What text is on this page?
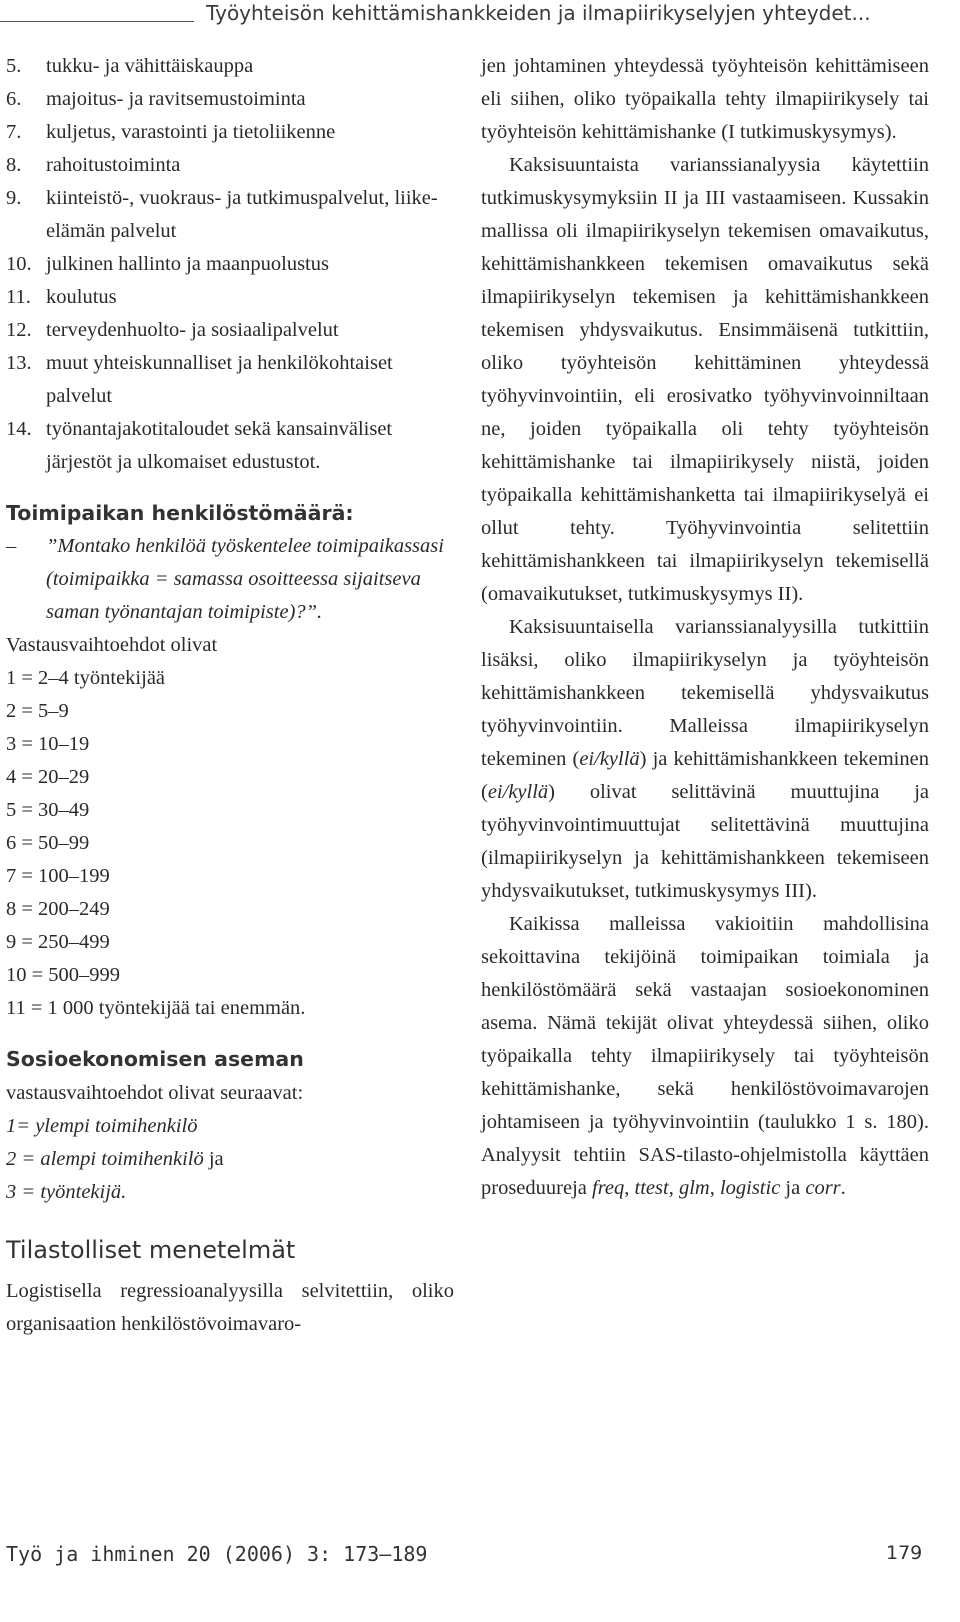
Työyhteisön kehittämishankkeiden ja ilmapiirikyselyjen yhteydet...
5. tukku- ja vähittäiskauppa
6. majoitus- ja ravitsemustoiminta
7. kuljetus, varastointi ja tietoliikenne
8. rahoitustoiminta
9. kiinteistö-, vuokraus- ja tutkimuspalvelut, liike-elämän palvelut
10. julkinen hallinto ja maanpuolustus
11. koulutus
12. terveydenhuolto- ja sosiaalipalvelut
13. muut yhteiskunnalliset ja henkilökohtaiset palvelut
14. työnantajakotitaloudet sekä kansainväliset järjestöt ja ulkomaiset edustustot.
Toimipaikan henkilöstömäärä:
– ”Montako henkilöä työskentelee toimipaikassasi (toimipaikka = samassa osoitteessa sijaitseva saman työnantajan toimipiste)?”.
Vastausvaihtoehdot olivat
1 = 2–4 työntekijää
2 = 5–9
3 = 10–19
4 = 20–29
5 = 30–49
6 = 50–99
7 = 100–199
8 = 200–249
9 = 250–499
10 = 500–999
11 = 1 000 työntekijää tai enemmän.
Sosioekonomisen aseman vastausvaihtoehdot olivat seuraavat:
1= ylempi toimihenkilö
2 = alempi toimihenkilö ja
3 = työntekijä.
Tilastolliset menetelmät
Logistisella regressioanalyysilla selvitettiin, oliko organisaation henkilöstövoimavaro-
jen johtaminen yhteydessä työyhteisön kehittämiseen eli siihen, oliko työpaikalla tehty ilmapiirikysely tai työyhteisön kehittämishanke (I tutkimuskysymys).
Kaksisuuntaista varianssianalyysia käytettiin tutkimuskysymyksiin II ja III vastaamiseen. Kussakin mallissa oli ilmapiirikyselyn tekemisen omavaikutus, kehittämishankkeen tekemisen omavaikutus sekä ilmapiirikyselyn tekemisen ja kehittämishankkeen tekemisen yhdysvaikutus. Ensimmäisenä tutkittiin, oliko työyhteisön kehittäminen yhteydessä työhyvinvointiin, eli erosivatko työhyvinvoinniltaan ne, joiden työpaikalla oli tehty työyhteisön kehittämishanke tai ilmapiirikysely niistä, joiden työpaikalla kehittämishanketta tai ilmapiirikyselyä ei ollut tehty. Työhyvinvointia selitettiin kehittämishankkeen tai ilmapiirikyselyn tekemisellä (omavaikutukset, tutkimuskysymys II).
Kaksisuuntaisella varianssianalyysilla tutkittiin lisäksi, oliko ilmapiirikyselyn ja työyhteisön kehittämishankkeen tekemisellä yhdysvaikutus työhyvinvointiin. Malleissa ilmapiirikyselyn tekeminen (ei/kyllä) ja kehittämishankkeen tekeminen (ei/kyllä) olivat selittävinä muuttujina ja työhyvinvointimuuttujat selitettävinä muuttujina (ilmapiirikyselyn ja kehittämishankkeen tekemiseen yhdysvaikutukset, tutkimuskysymys III).
Kaikissa malleissa vakioitiin mahdollisina sekoittavina tekijöinä toimipaikan toimiala ja henkilöstömäärä sekä vastaajan sosioekonominen asema. Nämä tekijät olivat yhteydessä siihen, oliko työpaikalla tehty ilmapiirikysely tai työyhteisön kehittämishanke, sekä henkilöstövoimavarojen johtamiseen ja työhyvinvointiin (taulukko 1 s. 180). Analyysit tehtiin SAS-tilasto-ohjelmistolla käyttäen proseduureja freq, ttest, glm, logistic ja corr.
Työ ja ihminen 20 (2006) 3: 173—189	179
